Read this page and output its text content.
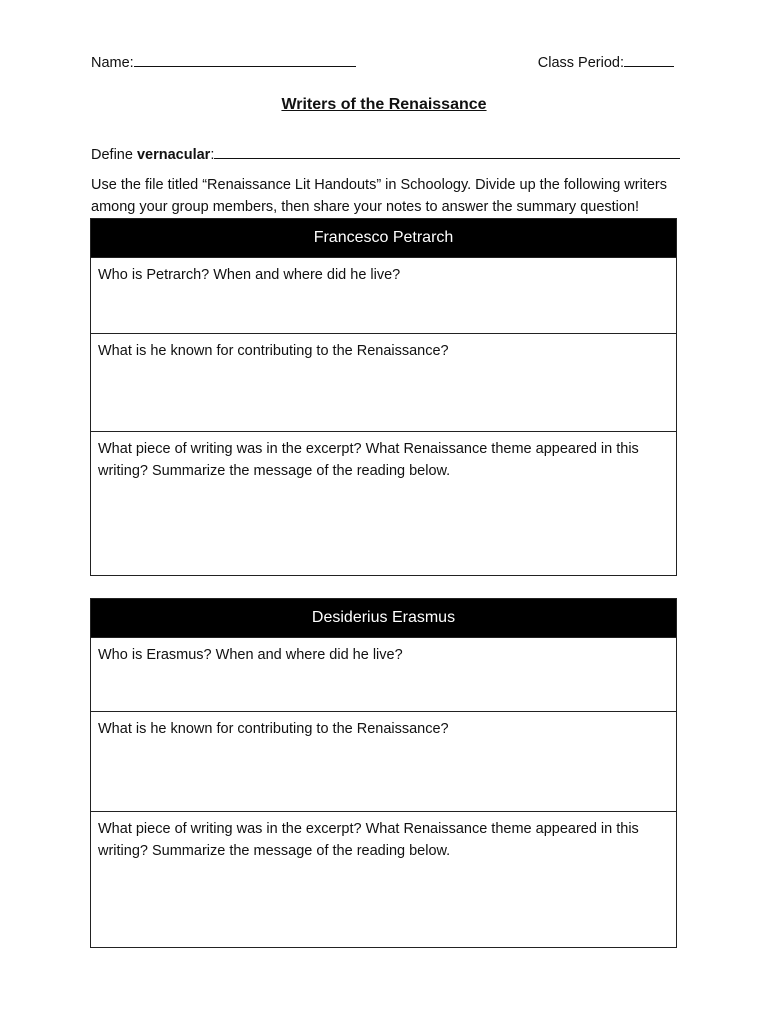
Name:	Class Period:
Writers of the Renaissance
Define vernacular:
Use the file titled “Renaissance Lit Handouts” in Schoology. Divide up the following writers among your group members, then share your notes to answer the summary question!
Francesco Petrarch
Who is Petrarch? When and where did he live?
What is he known for contributing to the Renaissance?
What piece of writing was in the excerpt? What Renaissance theme appeared in this writing? Summarize the message of the reading below.
Desiderius Erasmus
Who is Erasmus? When and where did he live?
What is he known for contributing to the Renaissance?
What piece of writing was in the excerpt? What Renaissance theme appeared in this writing? Summarize the message of the reading below.
